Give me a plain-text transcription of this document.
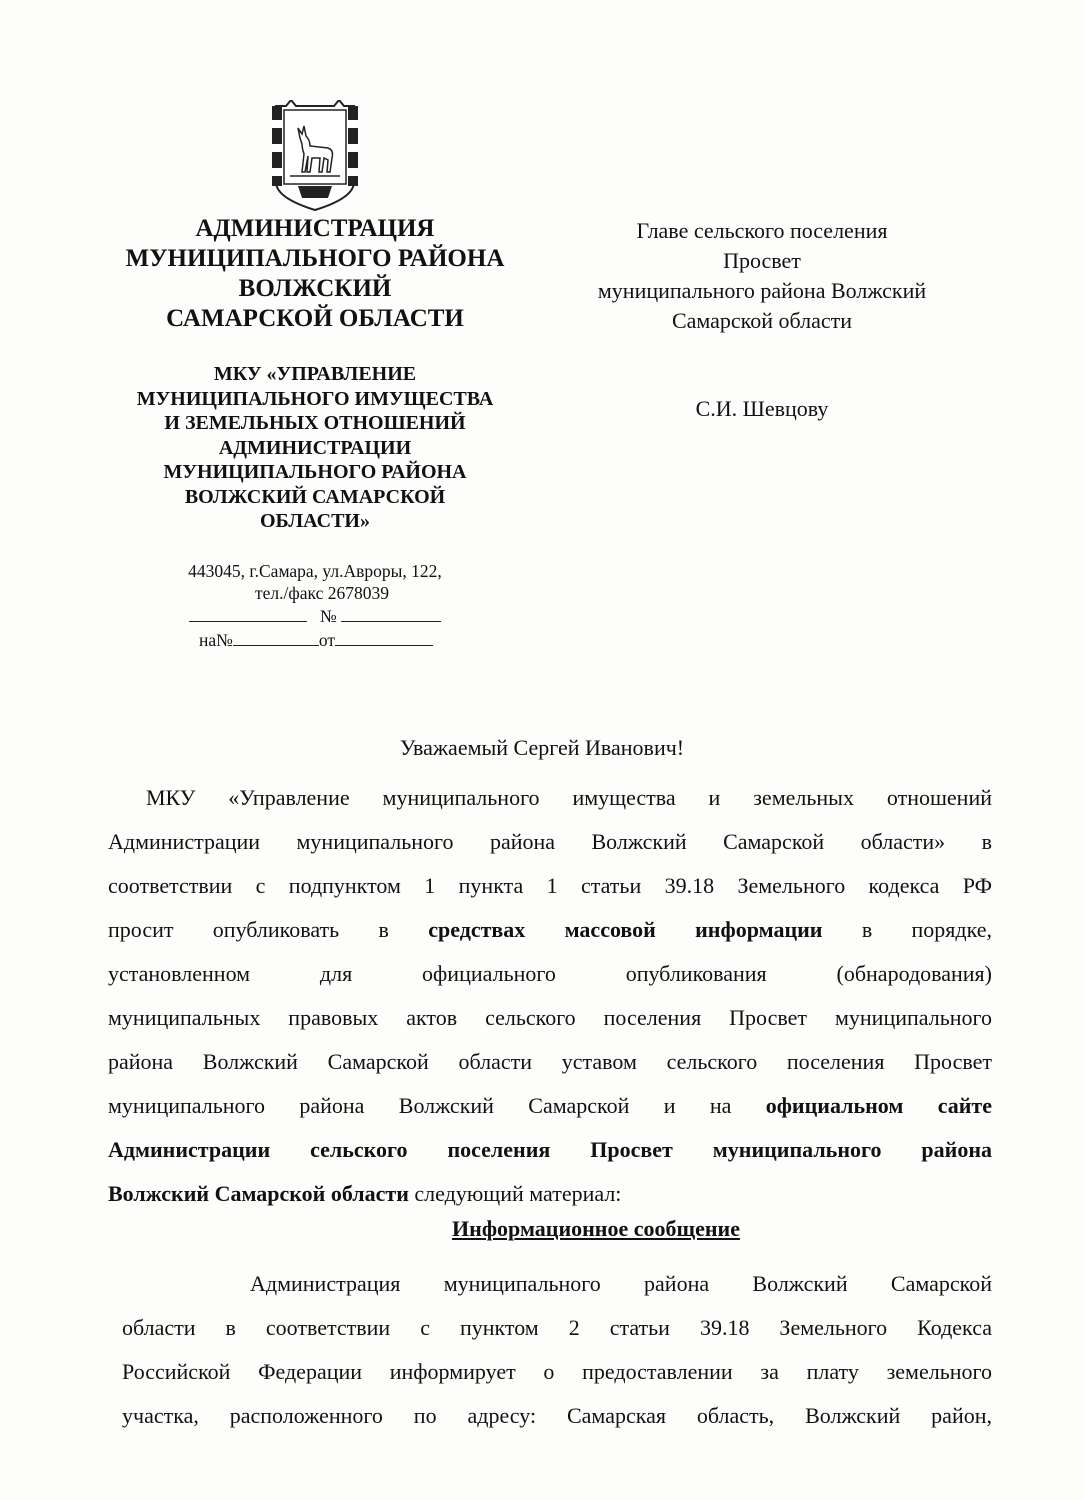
АДМИНИСТРАЦИЯ
МУНИЦИПАЛЬНОГО РАЙОНА
ВОЛЖСКИЙ
САМАРСКОЙ ОБЛАСТИ
МКУ «УПРАВЛЕНИЕ
МУНИЦИПАЛЬНОГО ИМУЩЕСТВА
И ЗЕМЕЛЬНЫХ ОТНОШЕНИЙ
АДМИНИСТРАЦИИ
МУНИЦИПАЛЬНОГО РАЙОНА
ВОЛЖСКИЙ САМАРСКОЙ
ОБЛАСТИ»
443045, г.Самара, ул.Авроры, 122,
тел./факс 2678039
№
на№	от
Главе сельского поселения
Просвет
муниципального района Волжский
Самарской области
С.И. Шевцову
Уважаемый Сергей Иванович!

МКУ «Управление муниципального имущества и земельных отношений

Администрации муниципального района Волжский Самарской области» в

соответствии с подпунктом 1 пункта 1 статьи 39.18 Земельного кодекса РФ

просит опубликовать в средствах массовой информации в порядке,

установленном для официального опубликования (обнародования)

муниципальных правовых актов сельского поселения Просвет муниципального

района Волжский Самарской области уставом сельского поселения Просвет

муниципального района Волжский Самарской и на официальном сайте

Администрации сельского поселения Просвет муниципального района

Волжский Самарской области следующий материал:

Информационное сообщение

Администрация муниципального района Волжский Самарской

области в соответствии с пунктом 2 статьи 39.18 Земельного Кодекса

Российской Федерации информирует о предоставлении за плату земельного

участка, расположенного по адресу: Самарская область, Волжский район,
